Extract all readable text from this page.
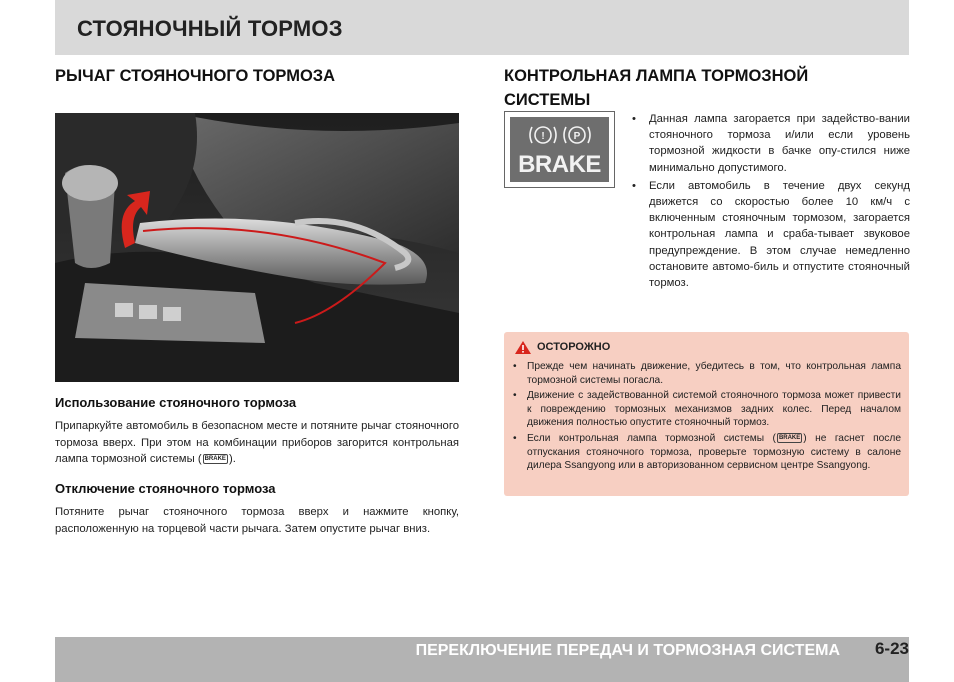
СТОЯНОЧНЫЙ ТОРМОЗ
РЫЧАГ СТОЯНОЧНОГО ТОРМОЗА
Использование стояночного тормоза
Припаркуйте автомобиль в безопасном месте и потяните рычаг стояночного тормоза вверх. При этом на комбинации приборов загорится контрольная лампа тормозной системы ( BRAKE ).
Отключение стояночного тормоза
Потяните рычаг стояночного тормоза вверх и нажмите кнопку, расположенную на торцевой части рычага. Затем опустите рычаг вниз.
КОНТРОЛЬНАЯ ЛАМПА ТОРМОЗНОЙ
СИСТЕМЫ
!	P
BRAKE
• Данная лампа загорается при задейство-вании стояночного тормоза и/или если уровень тормозной жидкости в бачке опу-стился ниже минимально допустимого.
• Если автомобиль в течение двух секунд движется со скоростью более 10 км/ч с включенным стояночным тормозом, загорается контрольная лампа и сраба-тывает звуковое предупреждение. В этом случае немедленно остановите автомо-биль и отпустите стояночный тормоз.
ОСТОРОЖНО
• Прежде чем начинать движение, убедитесь в том, что контрольная лампа тормозной системы погасла.
• Движение с задействованной системой стояночного тормоза может привести к повреждению тормозных механизмов задних колес. Перед началом движения полностью опустите стояночный тормоз.
• Если контрольная лампа тормозной системы ( BRAKE ) не гаснет после отпускания стояночного тормоза, проверьте тормозную систему в салоне дилера Ssangyong или в авторизованном сервисном центре Ssangyong.
ПЕРЕКЛЮЧЕНИЕ ПЕРЕДАЧ И ТОРМОЗНАЯ СИСТЕМА 6-23
